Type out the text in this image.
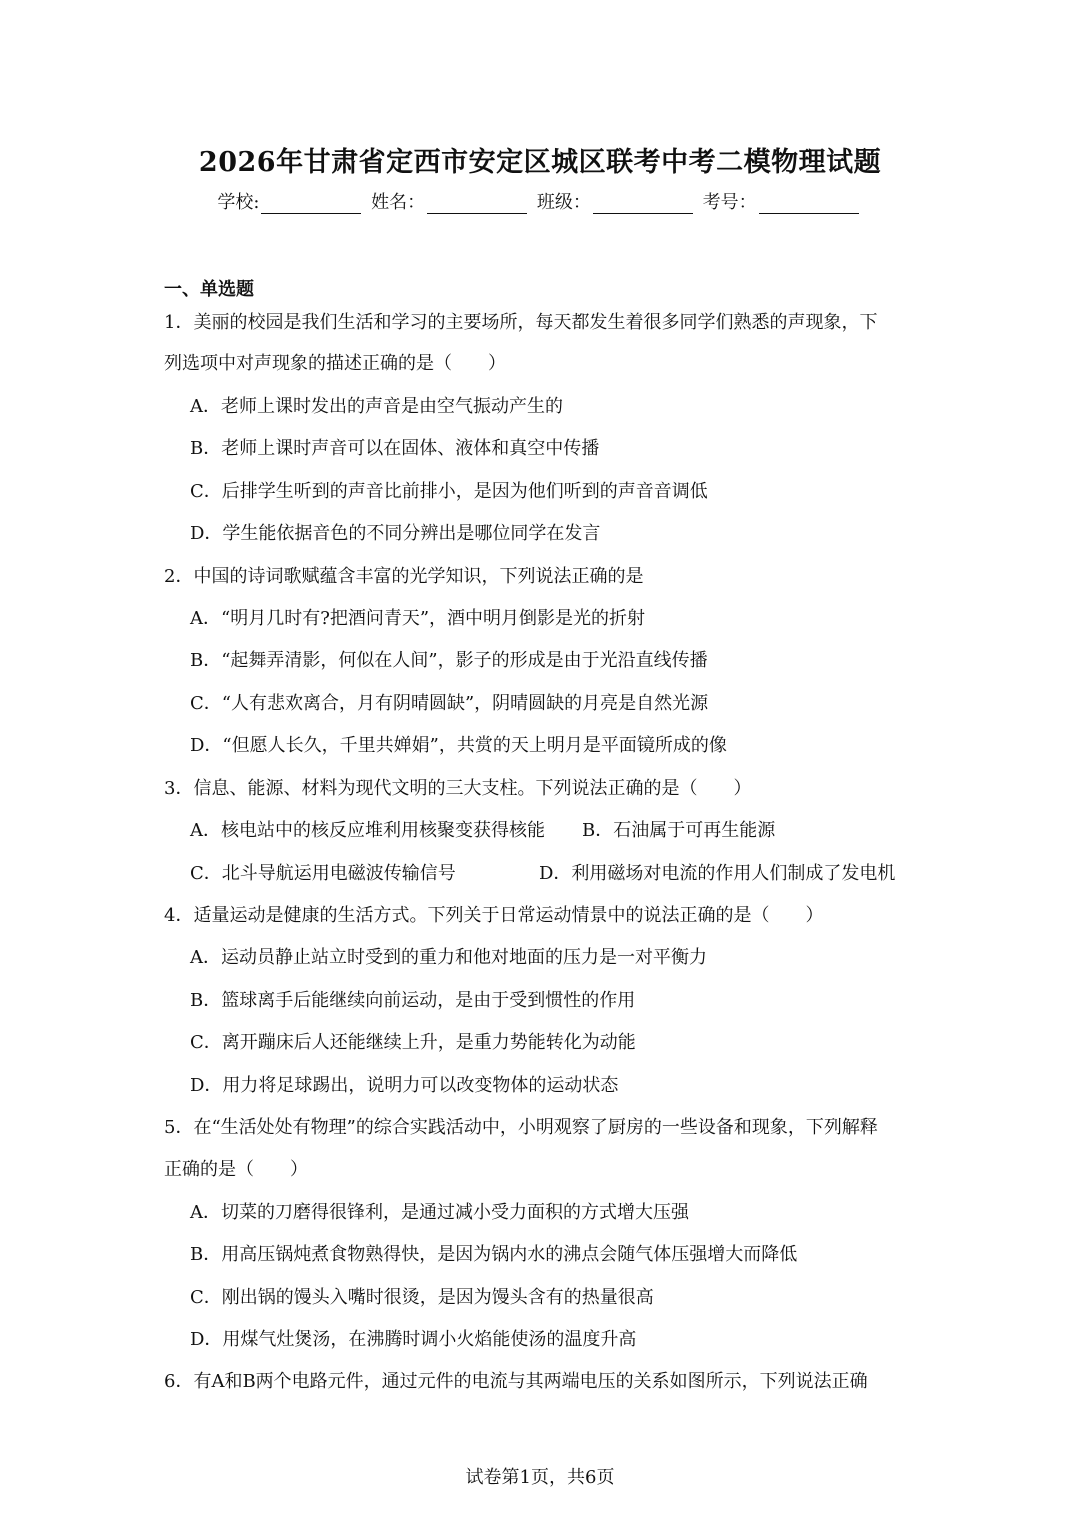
2026年甘肃省定西市安定区城区联考中考二模物理试题
学校:	姓名：	班级：	考号：
一、单选题
1．美丽的校园是我们生活和学习的主要场所，每天都发生着很多同学们熟悉的声现象，下
列选项中对声现象的描述正确的是（　　）
A．老师上课时发出的声音是由空气振动产生的
B．老师上课时声音可以在固体、液体和真空中传播
C．后排学生听到的声音比前排小，是因为他们听到的声音音调低
D．学生能依据音色的不同分辨出是哪位同学在发言
2．中国的诗词歌赋蕴含丰富的光学知识，下列说法正确的是
A．“明月几时有?把酒问青天”，酒中明月倒影是光的折射
B．“起舞弄清影，何似在人间”，影子的形成是由于光沿直线传播
C．“人有悲欢离合，月有阴晴圆缺”，阴晴圆缺的月亮是自然光源
D．“但愿人长久，千里共婵娟”，共赏的天上明月是平面镜所成的像
3．信息、能源、材料为现代文明的三大支柱。下列说法正确的是（　　）
A．核电站中的核反应堆利用核聚变获得核能 B．石油属于可再生能源
C．北斗导航运用电磁波传输信号	D．利用磁场对电流的作用人们制成了发电机
4．适量运动是健康的生活方式。下列关于日常运动情景中的说法正确的是（　　）
A．运动员静止站立时受到的重力和他对地面的压力是一对平衡力
B．篮球离手后能继续向前运动，是由于受到惯性的作用
C．离开蹦床后人还能继续上升，是重力势能转化为动能
D．用力将足球踢出，说明力可以改变物体的运动状态
5．在“生活处处有物理”的综合实践活动中，小明观察了厨房的一些设备和现象，下列解释
正确的是（　　）
A．切菜的刀磨得很锋利，是通过减小受力面积的方式增大压强
B．用高压锅炖煮食物熟得快，是因为锅内水的沸点会随气体压强增大而降低
C．刚出锅的馒头入嘴时很烫，是因为馒头含有的热量很高
D．用煤气灶煲汤，在沸腾时调小火焰能使汤的温度升高
6．有A和B两个电路元件，通过元件的电流与其两端电压的关系如图所示，下列说法正确
试卷第1页，共6页
